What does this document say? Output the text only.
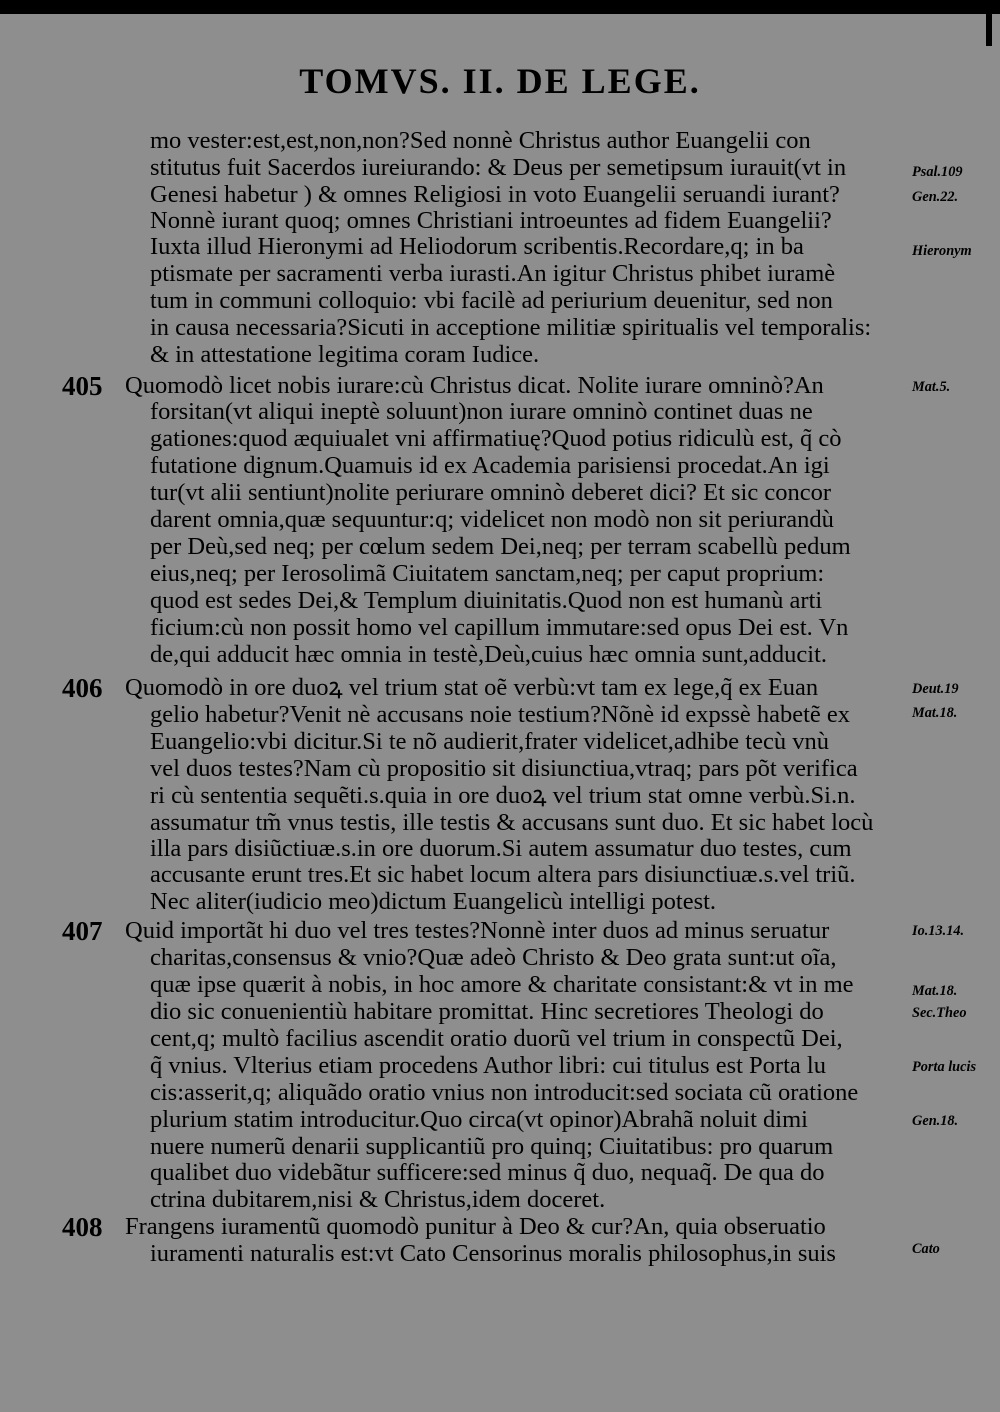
TOMVS. II. DE LEGE.
mo vester:est,est,non,non?Sed nonnè Christus author Euangelii con
stitutus fuit Sacerdos iureiurando: & Deus per semetipsum iurauit(vt in
Genesi habetur ) & omnes Religiosi in voto Euangelii seruandi iurant?
Nonnè iurant quoq; omnes Christiani introeuntes ad fidem Euangelii?
Iuxta illud Hieronymi ad Heliodorum scribentis.Recordare,q; in ba
ptismate per sacramenti verba iurasti.An igitur Christus phibet iuramè
tum in communi colloquio: vbi facilè ad periurium deuenitur, sed non
in causa necessaria?Sicuti in acceptione militiæ spiritualis vel temporalis:
& in attestatione legitima coram Iudice.
Quomodò licet nobis iurare:cù Christus dicat. Nolite iurare omninò?An
forsitan(vt aliqui ineptè soluunt)non iurare omninò continet duas ne
gationes:quod æquiualet vni affirmatiuę?Quod potius ridiculù est, q̃ cò
futatione dignum.Quamuis id ex Academia parisiensi procedat.An igi
tur(vt alii sentiunt)nolite periurare omninò deberet dici? Et sic concor
darent omnia,quæ sequuntur:q; videlicet non modò non sit periurandù
per Deù,sed neq; per cœlum sedem Dei,neq; per terram scabellù pedum
eius,neq; per Ierosolimã Ciuitatem sanctam,neq; per caput proprium:
quod est sedes Dei,& Templum diuinitatis.Quod non est humanù arti
ficium:cù non possit homo vel capillum immutare:sed opus Dei est. Vn
de,qui adducit hæc omnia in testè,Deù,cuius hæc omnia sunt,adducit.
Quomodò in ore duoꝝ vel trium stat oẽ verbù:vt tam ex lege,q̃ ex Euan
gelio habetur?Venit nè accusans noie testium?Nõnè id expssè habetẽ ex
Euangelio:vbi dicitur.Si te nõ audierit,frater videlicet,adhibe tecù vnù
vel duos testes?Nam cù propositio sit disiunctiua,vtraq; pars põt verifica
ri cù sententia sequẽti.s.quia in ore duoꝝ vel trium stat omne verbù.Si.n.
assumatur tm̃ vnus testis, ille testis & accusans sunt duo. Et sic habet locù
illa pars disiũctiuæ.s.in ore duorum.Si autem assumatur duo testes, cum
accusante erunt tres.Et sic habet locum altera pars disiunctiuæ.s.vel triũ.
Nec aliter(iudicio meo)dictum Euangelicù intelligi potest.
Quid importãt hi duo vel tres testes?Nonnè inter duos ad minus seruatur
charitas,consensus & vnio?Quæ adeò Christo & Deo grata sunt:ut oĩa,
quæ ipse quærit à nobis, in hoc amore & charitate consistant:& vt in me
dio sic conuenientiù habitare promittat. Hinc secretiores Theologi do
cent,q; multò facilius ascendit oratio duorũ vel trium in conspectũ Dei,
q̃ vnius. Vlterius etiam procedens Author libri: cui titulus est Porta lu
cis:asserit,q; aliquãdo oratio vnius non introducit:sed sociata cũ oratione
plurium statim introducitur.Quo circa(vt opinor)Abrahã noluit dimi
nuere numerũ denarii supplicantiũ pro quinq; Ciuitatibus: pro quarum
qualibet duo videbãtur sufficere:sed minus q̃ duo, nequaq̃. De qua do
ctrina dubitarem,nisi & Christus,idem doceret.
Frangens iuramentũ quomodò punitur à Deo & cur?An, quia obseruatio
iuramenti naturalis est:vt Cato Censorinus moralis philosophus,in suis
405
406
407
408
Psal.109
Gen.22.
Hieronym
Mat.5.
Deut.19
Mat.18.
Io.13.14.
Mat.18.
Sec.Theo
Porta lucis
Gen.18.
Cato
